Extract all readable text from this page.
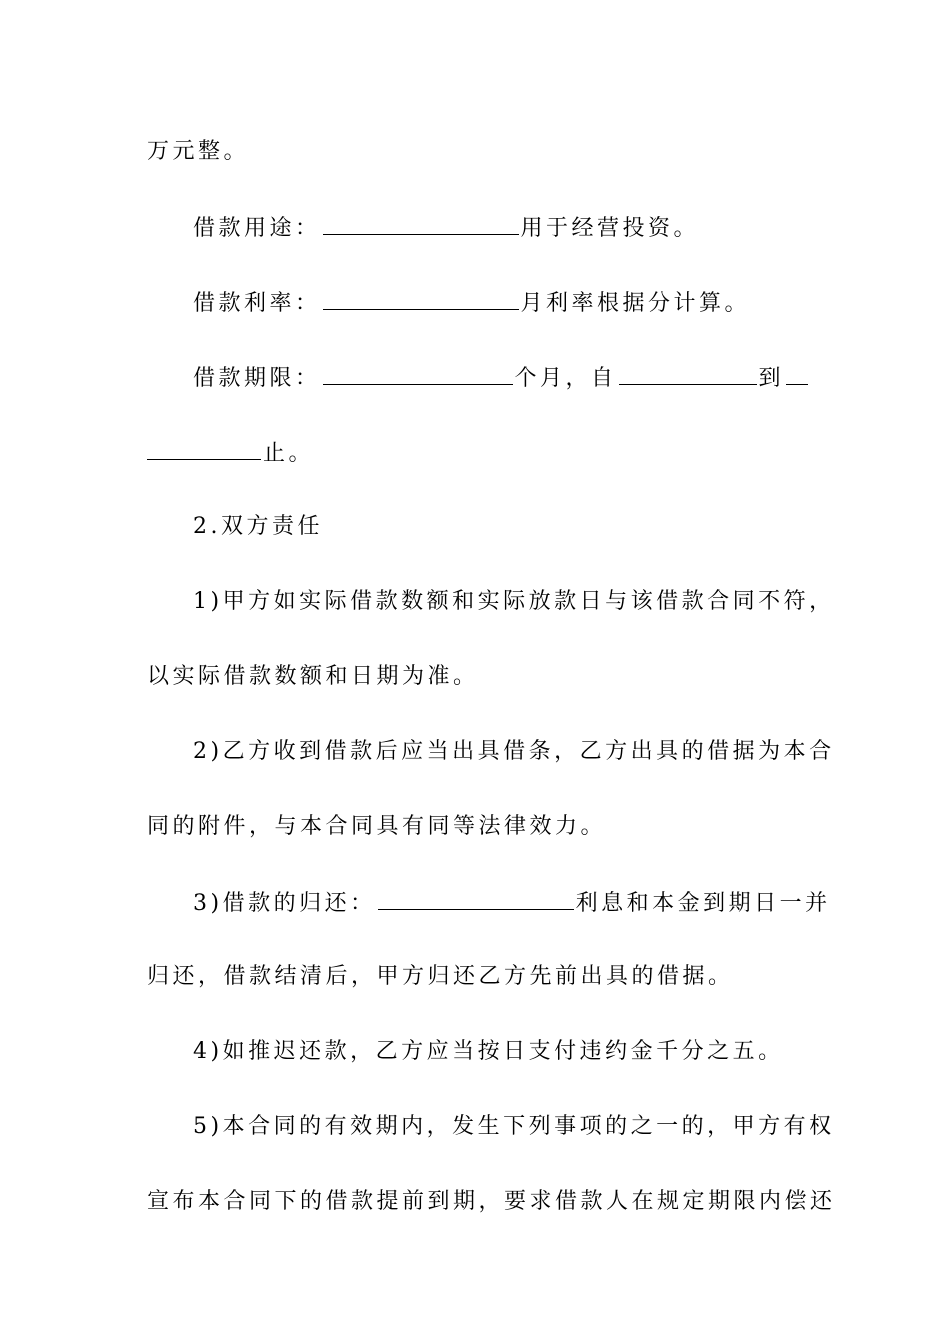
万元整。
借款用途：	用于经营投资。
借款利率：	月利率根据分计算。
借款期限：	个月，自	到
止。
2.双方责任
1)甲方如实际借款数额和实际放款日与该借款合同不符，
以实际借款数额和日期为准。
2)乙方收到借款后应当出具借条，乙方出具的借据为本合
同的附件，与本合同具有同等法律效力。
3)借款的归还：	利息和本金到期日一并
归还，借款结清后，甲方归还乙方先前出具的借据。
4)如推迟还款，乙方应当按日支付违约金千分之五。
5)本合同的有效期内，发生下列事项的之一的，甲方有权
宣布本合同下的借款提前到期，要求借款人在规定期限内偿还
